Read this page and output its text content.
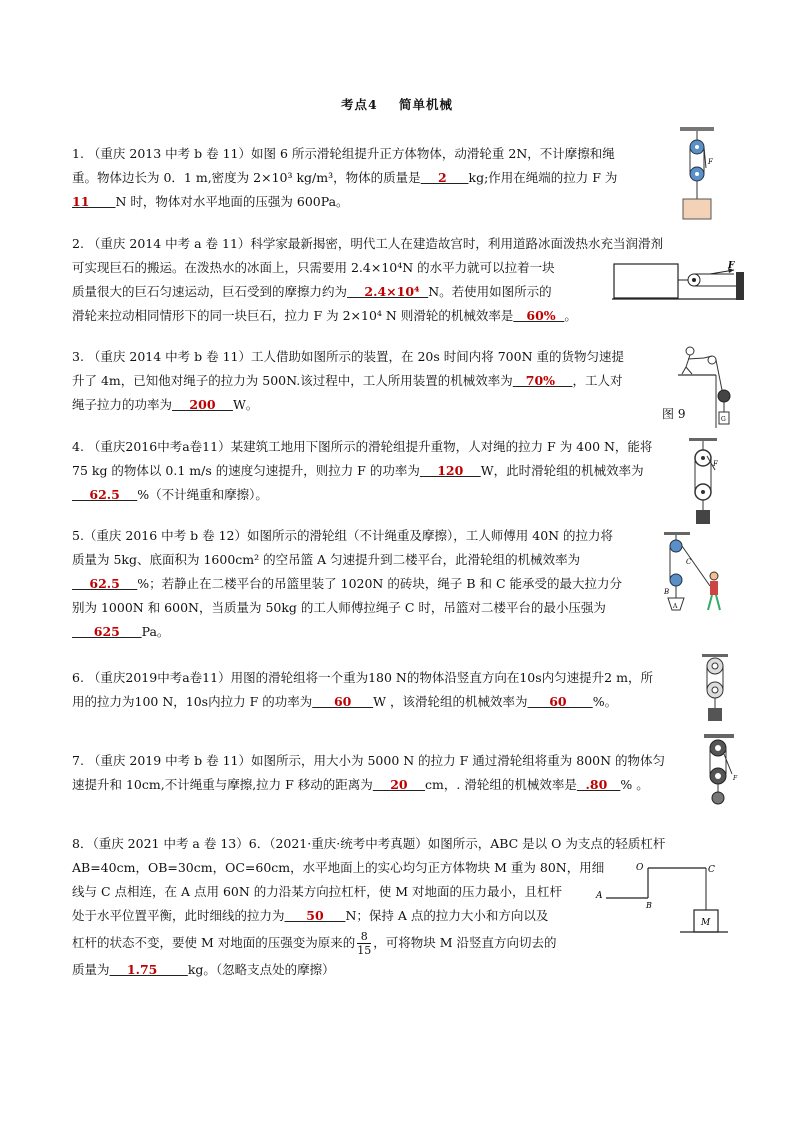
考点4    简单机械
1. （重庆 2013 中考 b 卷 11）如图 6 所示滑轮组提升正方体物体，动滑轮重 2N，不计摩擦和绳
重。物体边长为 0．1 m,密度为 2×10³ kg/m³，物体的质量是    2     kg;作用在绳端的拉力 F 为
11      N 时，物体对水平地面的压强为 600Pa。
F
2. （重庆 2014 中考 a 卷 11）科学家最新揭密，明代工人在建造故宫时，利用道路冰面泼热水充当润滑剂
可实现巨石的搬运。在泼热水的冰面上，只需要用 2.4×10⁴N 的水平力就可以拉着一块
质量很大的巨石匀速运动，巨石受到的摩擦力约为    2.4×10⁴  N。若使用如图所示的
滑轮来拉动相同情形下的同一块巨石，拉力 F 为 2×10⁴ N 则滑轮的机械效率是   60%  。
F
3. （重庆 2014 中考 b 卷 11）工人借助如图所示的装置，在 20s 时间内将 700N 重的货物匀速提
升了 4m，已知他对绳子的拉力为 500N.该过程中，工人所用装置的机械效率为   70%    ，工人对
绳子拉力的功率为    200    W。
G
图 9
4. （重庆2016中考a卷11）某建筑工地用下图所示的滑轮组提升重物，人对绳的拉力 F 为 400 N，能将
75 kg 的物体以 0.1 m/s 的速度匀速提升，则拉力 F 的功率为    120    W，此时滑轮组的机械效率为
62.5    %（不计绳重和摩擦）。
F
5.（重庆 2016 中考 b 卷 12）如图所示的滑轮组（不计绳重及摩擦），工人师傅用 40N 的拉力将
质量为 5kg、底面积为 1600cm² 的空吊篮 A 匀速提升到二楼平台，此滑轮组的机械效率为
62.5    %；若静止在二楼平台的吊篮里装了 1020N 的砖块，绳子 B 和 C 能承受的最大拉力分
别为 1000N 和 600N，当质量为 50kg 的工人师傅拉绳子 C 时，吊篮对二楼平台的最小压强为
625     Pa。
C
B
A
6. （重庆2019中考a卷11）用图的滑轮组将一个重为180 N的物体沿竖直方向在10s内匀速提升2 m，所
用的拉力为100 N，10s内拉力 F 的功率为     60     W ，该滑轮组的机械效率为     60      %。
7. （重庆 2019 中考 b 卷 11）如图所示，用大小为 5000 N 的拉力 F 通过滑轮组将重为 800N 的物体匀
速提升和 10cm,不计绳重与摩擦,拉力 F 移动的距离为    20    cm，. 滑轮组的机械效率是  .80   % 。	F
8．（重庆 2021 中考 a 卷 13）6．（2021·重庆·统考中考真题）如图所示，ABC 是以 O 为支点的轻质杠杆
AB=40cm，OB=30cm，OC=60cm，水平地面上的实心均匀正方体物块 M 重为 80N，用细
线与 C 点相连，在 A 点用 60N 的力沿某方向拉杠杆，使 M 对地面的压力最小，且杠杆
处于水平位置平衡，此时细线的拉力为     50     N；保持 A 点的拉力大小和方向以及
杠杆的状态不变，要使 M 对地面的压强变为原来的 $\frac{8}{15}$ ，可将物块 M 沿竖直方向切去的
质量为    1.75       kg。（忽略支点处的摩擦）
O	C
A
B
M
